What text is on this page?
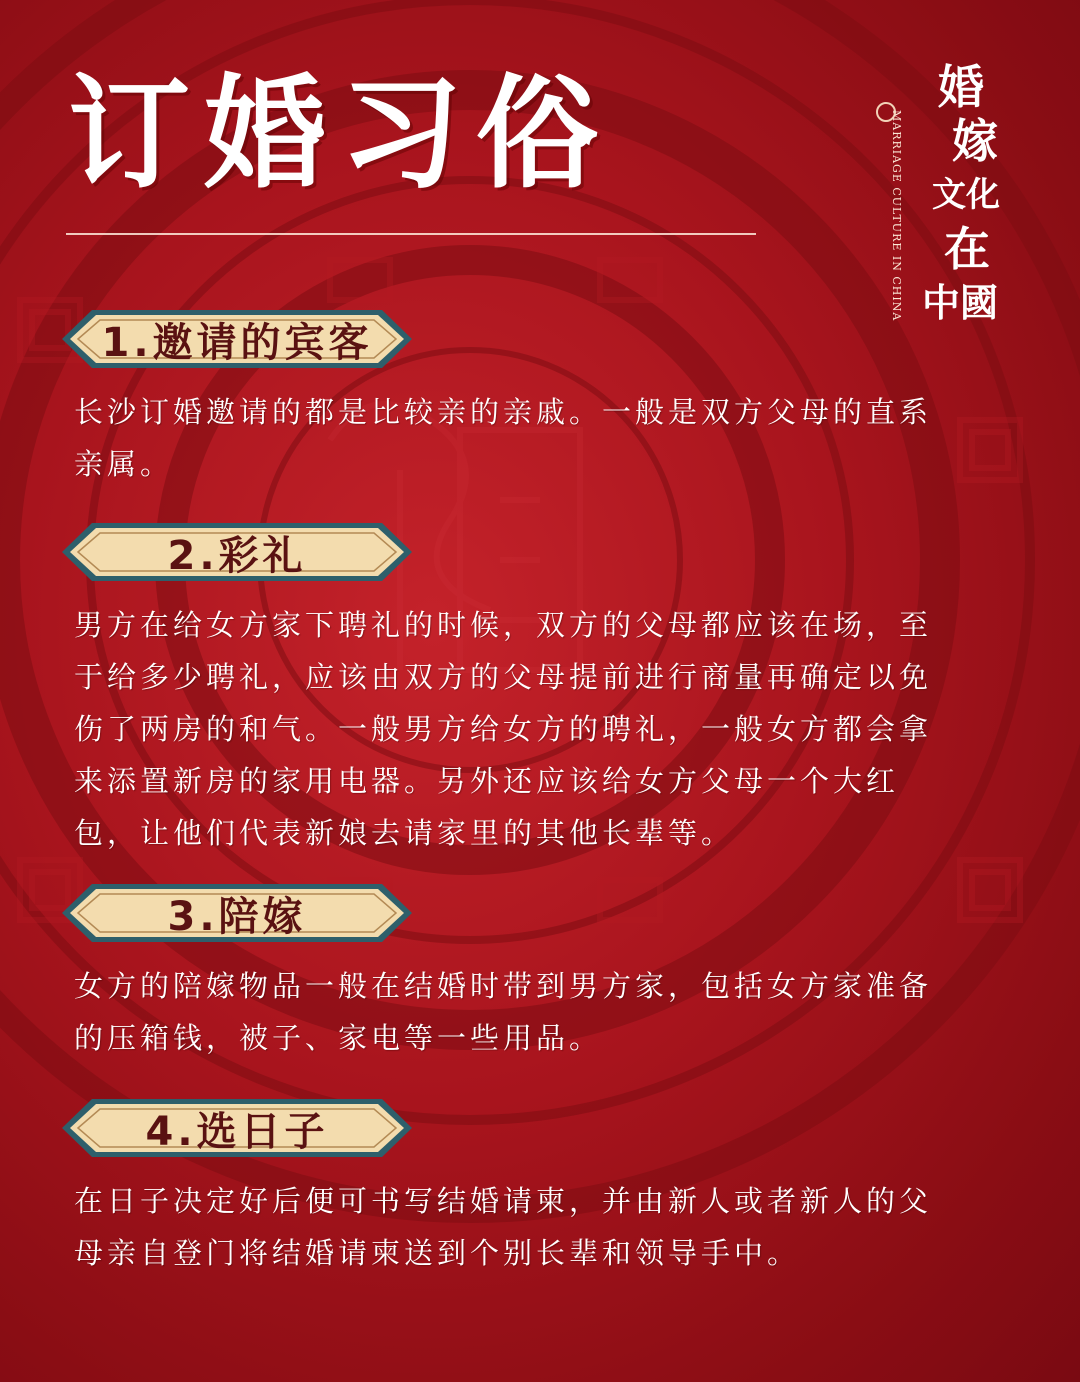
订婚习俗	MARRIAGE CULTURE IN CHINA
婚
嫁
文化
在
中國
1.邀请的宾客
长沙订婚邀请的都是比较亲的亲戚。一般是双方父母的直系亲属。
2.彩礼
男方在给女方家下聘礼的时候，双方的父母都应该在场，至于给多少聘礼，应该由双方的父母提前进行商量再确定以免伤了两房的和气。一般男方给女方的聘礼，一般女方都会拿来添置新房的家用电器。另外还应该给女方父母一个大红包，让他们代表新娘去请家里的其他长辈等。
3.陪嫁
女方的陪嫁物品一般在结婚时带到男方家，包括女方家准备的压箱钱，被子、家电等一些用品。
4.选日子
在日子决定好后便可书写结婚请柬，并由新人或者新人的父母亲自登门将结婚请柬送到个别长辈和领导手中。
